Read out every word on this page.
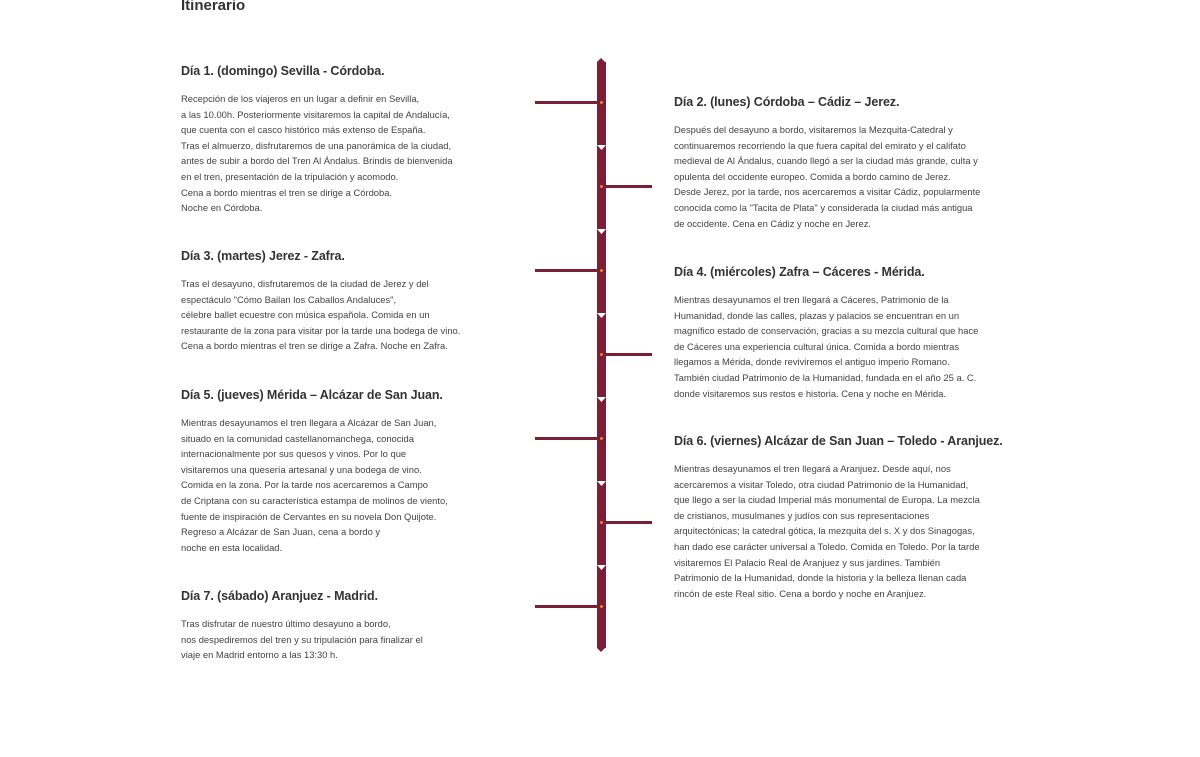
Itinerario
Día 1. (domingo) Sevilla - Córdoba.
Recepción de los viajeros en un lugar a definir en Sevilla,
a las 10.00h. Posteriormente visitaremos la capital de Andalucía,
que cuenta con el casco histórico más extenso de España.
Tras el almuerzo, disfrutaremos de una panorámica de la ciudad,
antes de subir a bordo del Tren Al Ándalus. Brindis de bienvenida
en el tren, presentación de la tripulación y acomodo.
Cena a bordo mientras el tren se dirige a Córdoba.
Noche en Córdoba.
Día 2. (lunes) Córdoba – Cádiz – Jerez.
Después del desayuno a bordo, visitaremos la Mezquita-Catedral y
continuaremos recorriendo la que fuera capital del emirato y el califato
medieval de Al Ándalus, cuando llegó a ser la ciudad más grande, culta y
opulenta del occidente europeo. Comida a bordo camino de Jerez.
Desde Jerez, por la tarde, nos acercaremos a visitar Cádiz, popularmente
conocida como la "Tacita de Plata" y considerada la ciudad más antigua
de occidente. Cena en Cádiz y noche en Jerez.
Día 3. (martes) Jerez - Zafra.
Tras el desayuno, disfrutaremos de la ciudad de Jerez y del
espectáculo "Cómo Bailan los Caballos Andaluces",
célebre ballet ecuestre con música española. Comida en un
restaurante de la zona para visitar por la tarde una bodega de vino.
Cena a bordo mientras el tren se dirige a Zafra. Noche en Zafra.
Día 4. (miércoles) Zafra – Cáceres - Mérida.
Mientras desayunamos el tren llegará a Cáceres, Patrimonio de la
Humanidad, donde las calles, plazas y palacios se encuentran en un
magnífico estado de conservación, gracias a su mezcla cultural que hace
de Cáceres una experiencia cultural única. Comida a bordo mientras
llegamos a Mérida, donde reviviremos el antiguo imperio Romano.
También ciudad Patrimonio de la Humanidad, fundada en el año 25 a. C.
donde visitaremos sus restos e historia. Cena y noche en Mérida.
Día 5. (jueves) Mérida – Alcázar de San Juan.
Mientras desayunamos el tren llegara a Alcázar de San Juan,
situado en la comunidad castellanomanchega, conocida
internacionalmente por sus quesos y vinos. Por lo que
visitaremos una quesería artesanal y una bodega de vino.
Comida en la zona. Por la tarde nos acercaremos a Campo
de Criptana con su característica estampa de molinos de viento,
fuente de inspiración de Cervantes en su novela Don Quijote.
Regreso a Alcázar de San Juan, cena a bordo y
noche en esta localidad.
Día 6. (viernes) Alcázar de San Juan – Toledo - Aranjuez.
Mientras desayunamos el tren llegará a Aranjuez. Desde aquí, nos
acercaremos a visitar Toledo, otra ciudad Patrimonio de la Humanidad,
que llego a ser la ciudad Imperial más monumental de Europa. La mezcla
de cristianos, musulmanes y judíos con sus representaciones
arquitectónicas; la catedral gótica, la mezquita del s. X y dos Sinagogas,
han dado ese carácter universal a Toledo. Comida en Toledo. Por la tarde
visitaremos El Palacio Real de Aranjuez y sus jardines. También
Patrimonio de la Humanidad, donde la historia y la belleza llenan cada
rincón de este Real sitio. Cena a bordo y noche en Aranjuez.
Día 7. (sábado) Aranjuez - Madrid.
Tras disfrutar de nuestro último desayuno a bordo,
nos despediremos del tren y su tripulación para finalizar el
viaje en Madrid entorno a las 13:30 h.
